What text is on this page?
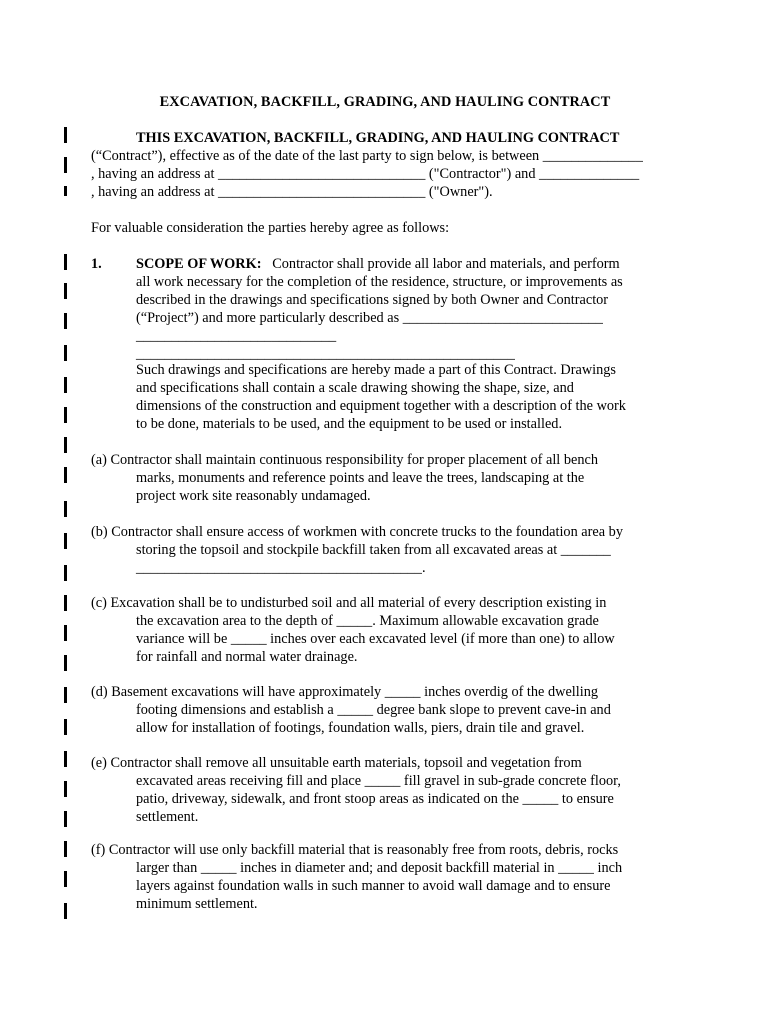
EXCAVATION, BACKFILL, GRADING, AND HAULING CONTRACT
THIS EXCAVATION, BACKFILL, GRADING, AND HAULING CONTRACT
(“Contract”), effective as of the date of the last party to sign below, is between ______________
, having an address at _____________________________ ("Contractor") and ______________
, having an address at _____________________________ ("Owner").
For valuable consideration the parties hereby agree as follows:
1. SCOPE OF WORK: Contractor shall provide all labor and materials, and perform
all work necessary for the completion of the residence, structure, or improvements as
described in the drawings and specifications signed by both Owner and Contractor
(“Project”) and more particularly described as ____________________________
____________________________
_____________________________________________________
Such drawings and specifications are hereby made a part of this Contract. Drawings
and specifications shall contain a scale drawing showing the shape, size, and
dimensions of the construction and equipment together with a description of the work
to be done, materials to be used, and the equipment to be used or installed.
(a) Contractor shall maintain continuous responsibility for proper placement of all bench
marks, monuments and reference points and leave the trees, landscaping at the
project work site reasonably undamaged.
(b) Contractor shall ensure access of workmen with concrete trucks to the foundation area by
storing the topsoil and stockpile backfill taken from all excavated areas at _______
________________________________________.
(c) Excavation shall be to undisturbed soil and all material of every description existing in
the excavation area to the depth of _____. Maximum allowable excavation grade
variance will be _____ inches over each excavated level (if more than one) to allow
for rainfall and normal water drainage.
(d) Basement excavations will have approximately _____ inches overdig of the dwelling
footing dimensions and establish a _____ degree bank slope to prevent cave-in and
allow for installation of footings, foundation walls, piers, drain tile and gravel.
(e) Contractor shall remove all unsuitable earth materials, topsoil and vegetation from
excavated areas receiving fill and place _____ fill gravel in sub-grade concrete floor,
patio, driveway, sidewalk, and front stoop areas as indicated on the _____ to ensure
settlement.
(f) Contractor will use only backfill material that is reasonably free from roots, debris, rocks
larger than _____ inches in diameter and; and deposit backfill material in _____ inch
layers against foundation walls in such manner to avoid wall damage and to ensure
minimum settlement.
